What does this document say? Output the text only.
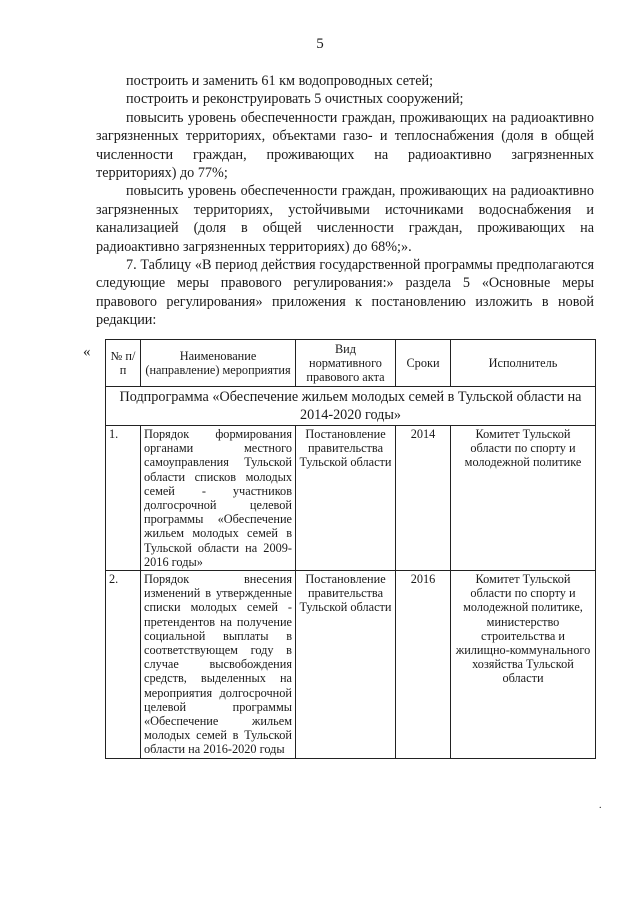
5

построить и заменить 61 км водопроводных сетей;

построить и реконструировать 5 очистных сооружений;

повысить уровень обеспеченности граждан, проживающих на радиоактивно загрязненных территориях, объектами газо- и теплоснабжения (доля в общей численности граждан, проживающих на радиоактивно загрязненных территориях) до 77%;

повысить уровень обеспеченности граждан, проживающих на радиоактивно загрязненных территориях, устойчивыми источниками водоснабжения и канализацией (доля в общей численности граждан, проживающих на радиоактивно загрязненных территориях) до 68%;».

7. Таблицу «В период действия государственной программы предполагаются следующие меры правового регулирования:» раздела 5 «Основные меры правового регулирования» приложения к постановлению изложить в новой редакции:

« № п/п	Наименование (направление) мероприятия	Вид нормативного правового акта	Сроки	Исполнитель
Подпрограмма «Обеспечение жильем молодых семей в Тульской области на 2014-2020 годы»				
1.	Порядок формирования органами местного самоуправления Тульской области списков молодых семей - участников долгосрочной целевой программы «Обеспечение жильем молодых семей в Тульской области на 2009-2016 годы»	Постановление правительства Тульской области	2014	Комитет Тульской области по спорту и молодежной политике
2.	Порядок внесения изменений в утвержденные списки молодых семей - претендентов на получение социальной выплаты в соответствующем году в случае высвобождения средств, выделенных на мероприятия долгосрочной целевой программы «Обеспечение жильем молодых семей в Тульской области на 2016-2020 годы	Постановление правительства Тульской области	2016	Комитет Тульской области по спорту и молодежной политике, министерство строительства и жилищно-коммунального хозяйства Тульской области
.
